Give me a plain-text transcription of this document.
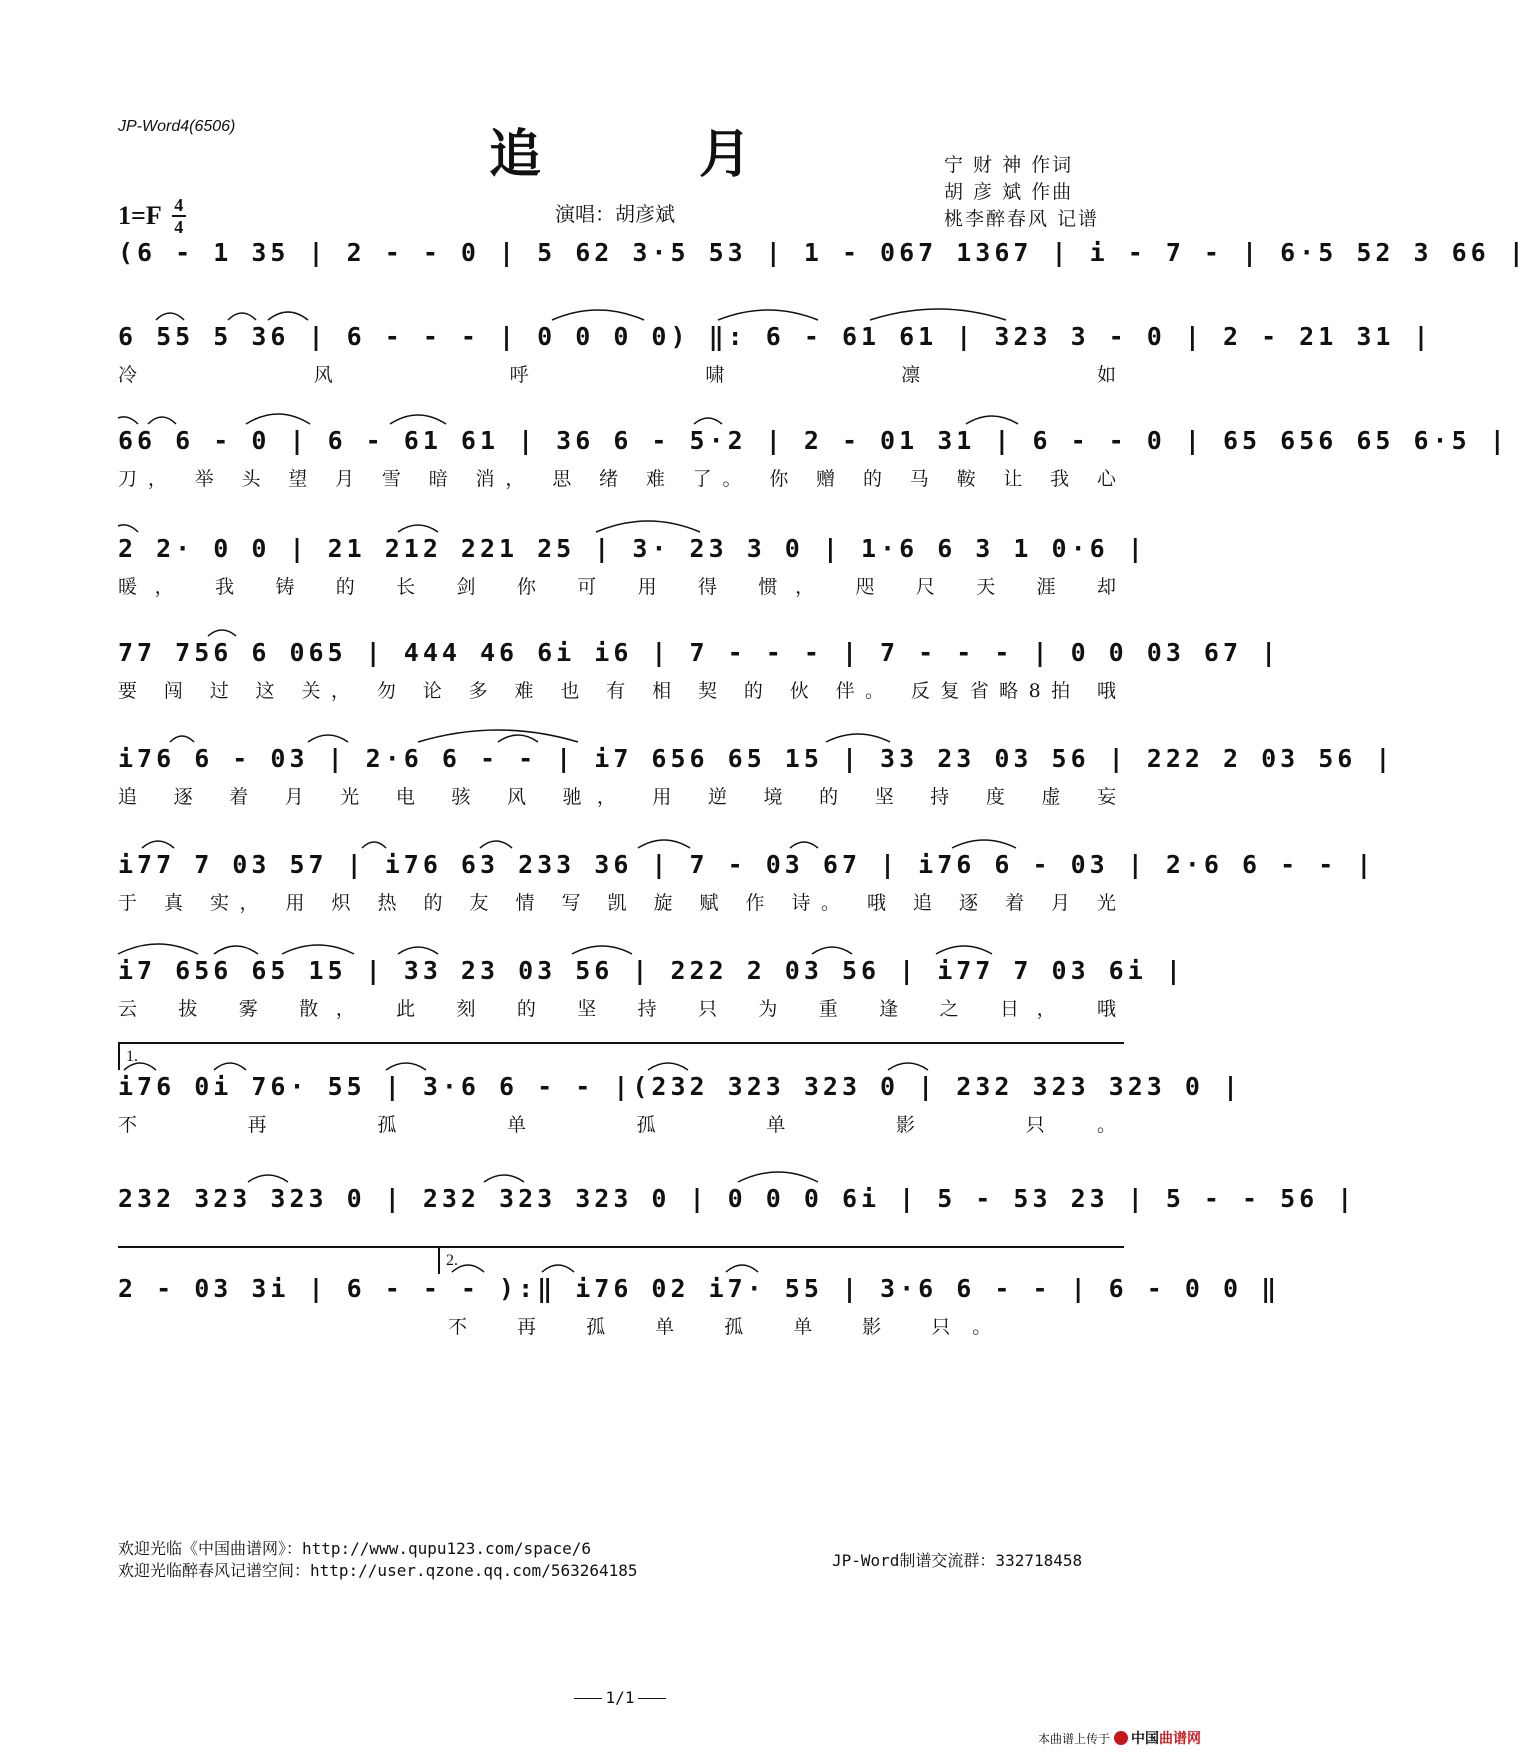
JP-Word4(6506)	追 月
1=F 4
4
演唱：胡彦斌
宁 财 神 作词
胡 彦 斌 作曲
桃李醉春风 记谱
(6 - 1 35 | 2 - - 0 | 5 62 3·5 53 | 1 - 067 1367 | i - 7 - | 6·5 52 3 66 |
6 55 5 36 | 6 - - - | 0 0 0 0) ‖: 6 - 61 61 | 323 3 - 0 | 2 - 21 31 |
冷 风 呼 啸 凛 如
66 6 - 0 | 6 - 61 61 | 36 6 - 5·2 | 2 - 01 31 | 6 - - 0 | 65 656 65 6·5 |
刀， 举 头 望 月 雪 暗 消， 思 绪 难 了。 你 赠 的 马 鞍 让 我 心
2 2· 0 0 | 21 212 221 25 | 3· 23 3 0 | 1·6 6 3 1 0·6 |
暖， 我 铸 的 长 剑 你 可 用 得 惯， 咫 尺 天 涯 却
77 756 6 065 | 444 46 6i i6 | 7 - - - | 7 - - - | 0 0 03 67 |
要 闯 过 这 关， 勿 论 多 难 也 有 相 契 的 伙 伴。 反复省略8拍 哦
i76 6 - 03 | 2·6 6 - - | i7 656 65 15 | 33 23 03 56 | 222 2 03 56 |
追 逐 着 月 光 电 骇 风 驰， 用 逆 境 的 坚 持 度 虚 妄
i77 7 03 57 | i76 63 233 36 | 7 - 03 67 | i76 6 - 03 | 2·6 6 - - |
于 真 实， 用 炽 热 的 友 情 写 凯 旋 赋 作 诗。 哦 追 逐 着 月 光
i7 656 65 15 | 33 23 03 56 | 222 2 03 56 | i77 7 03 6i |
云 拔 雾 散， 此 刻 的 坚 持 只 为 重 逢 之 日， 哦
1.
i76 0i 76· 55 | 3·6 6 - - |(232 323 323 0 | 232 323 323 0 |
不 再 孤 单 孤 单 影 只。
232 323 323 0 | 232 323 323 0 | 0 0 0 6i | 5 - 53 23 | 5 - - 56 |
2.
2 - 03 3i | 6 - - - ):‖ i76 02 i7· 55 | 3·6 6 - - | 6 - 0 0 ‖
不 再 孤 单 孤 单 影 只。
欢迎光临《中国曲谱网》：http://www.qupu123.com/space/6
欢迎光临醉春风记谱空间：http://user.qzone.qq.com/563264185
JP-Word制谱交流群：332718458
1/1
本曲谱上传于 中国 曲谱网
